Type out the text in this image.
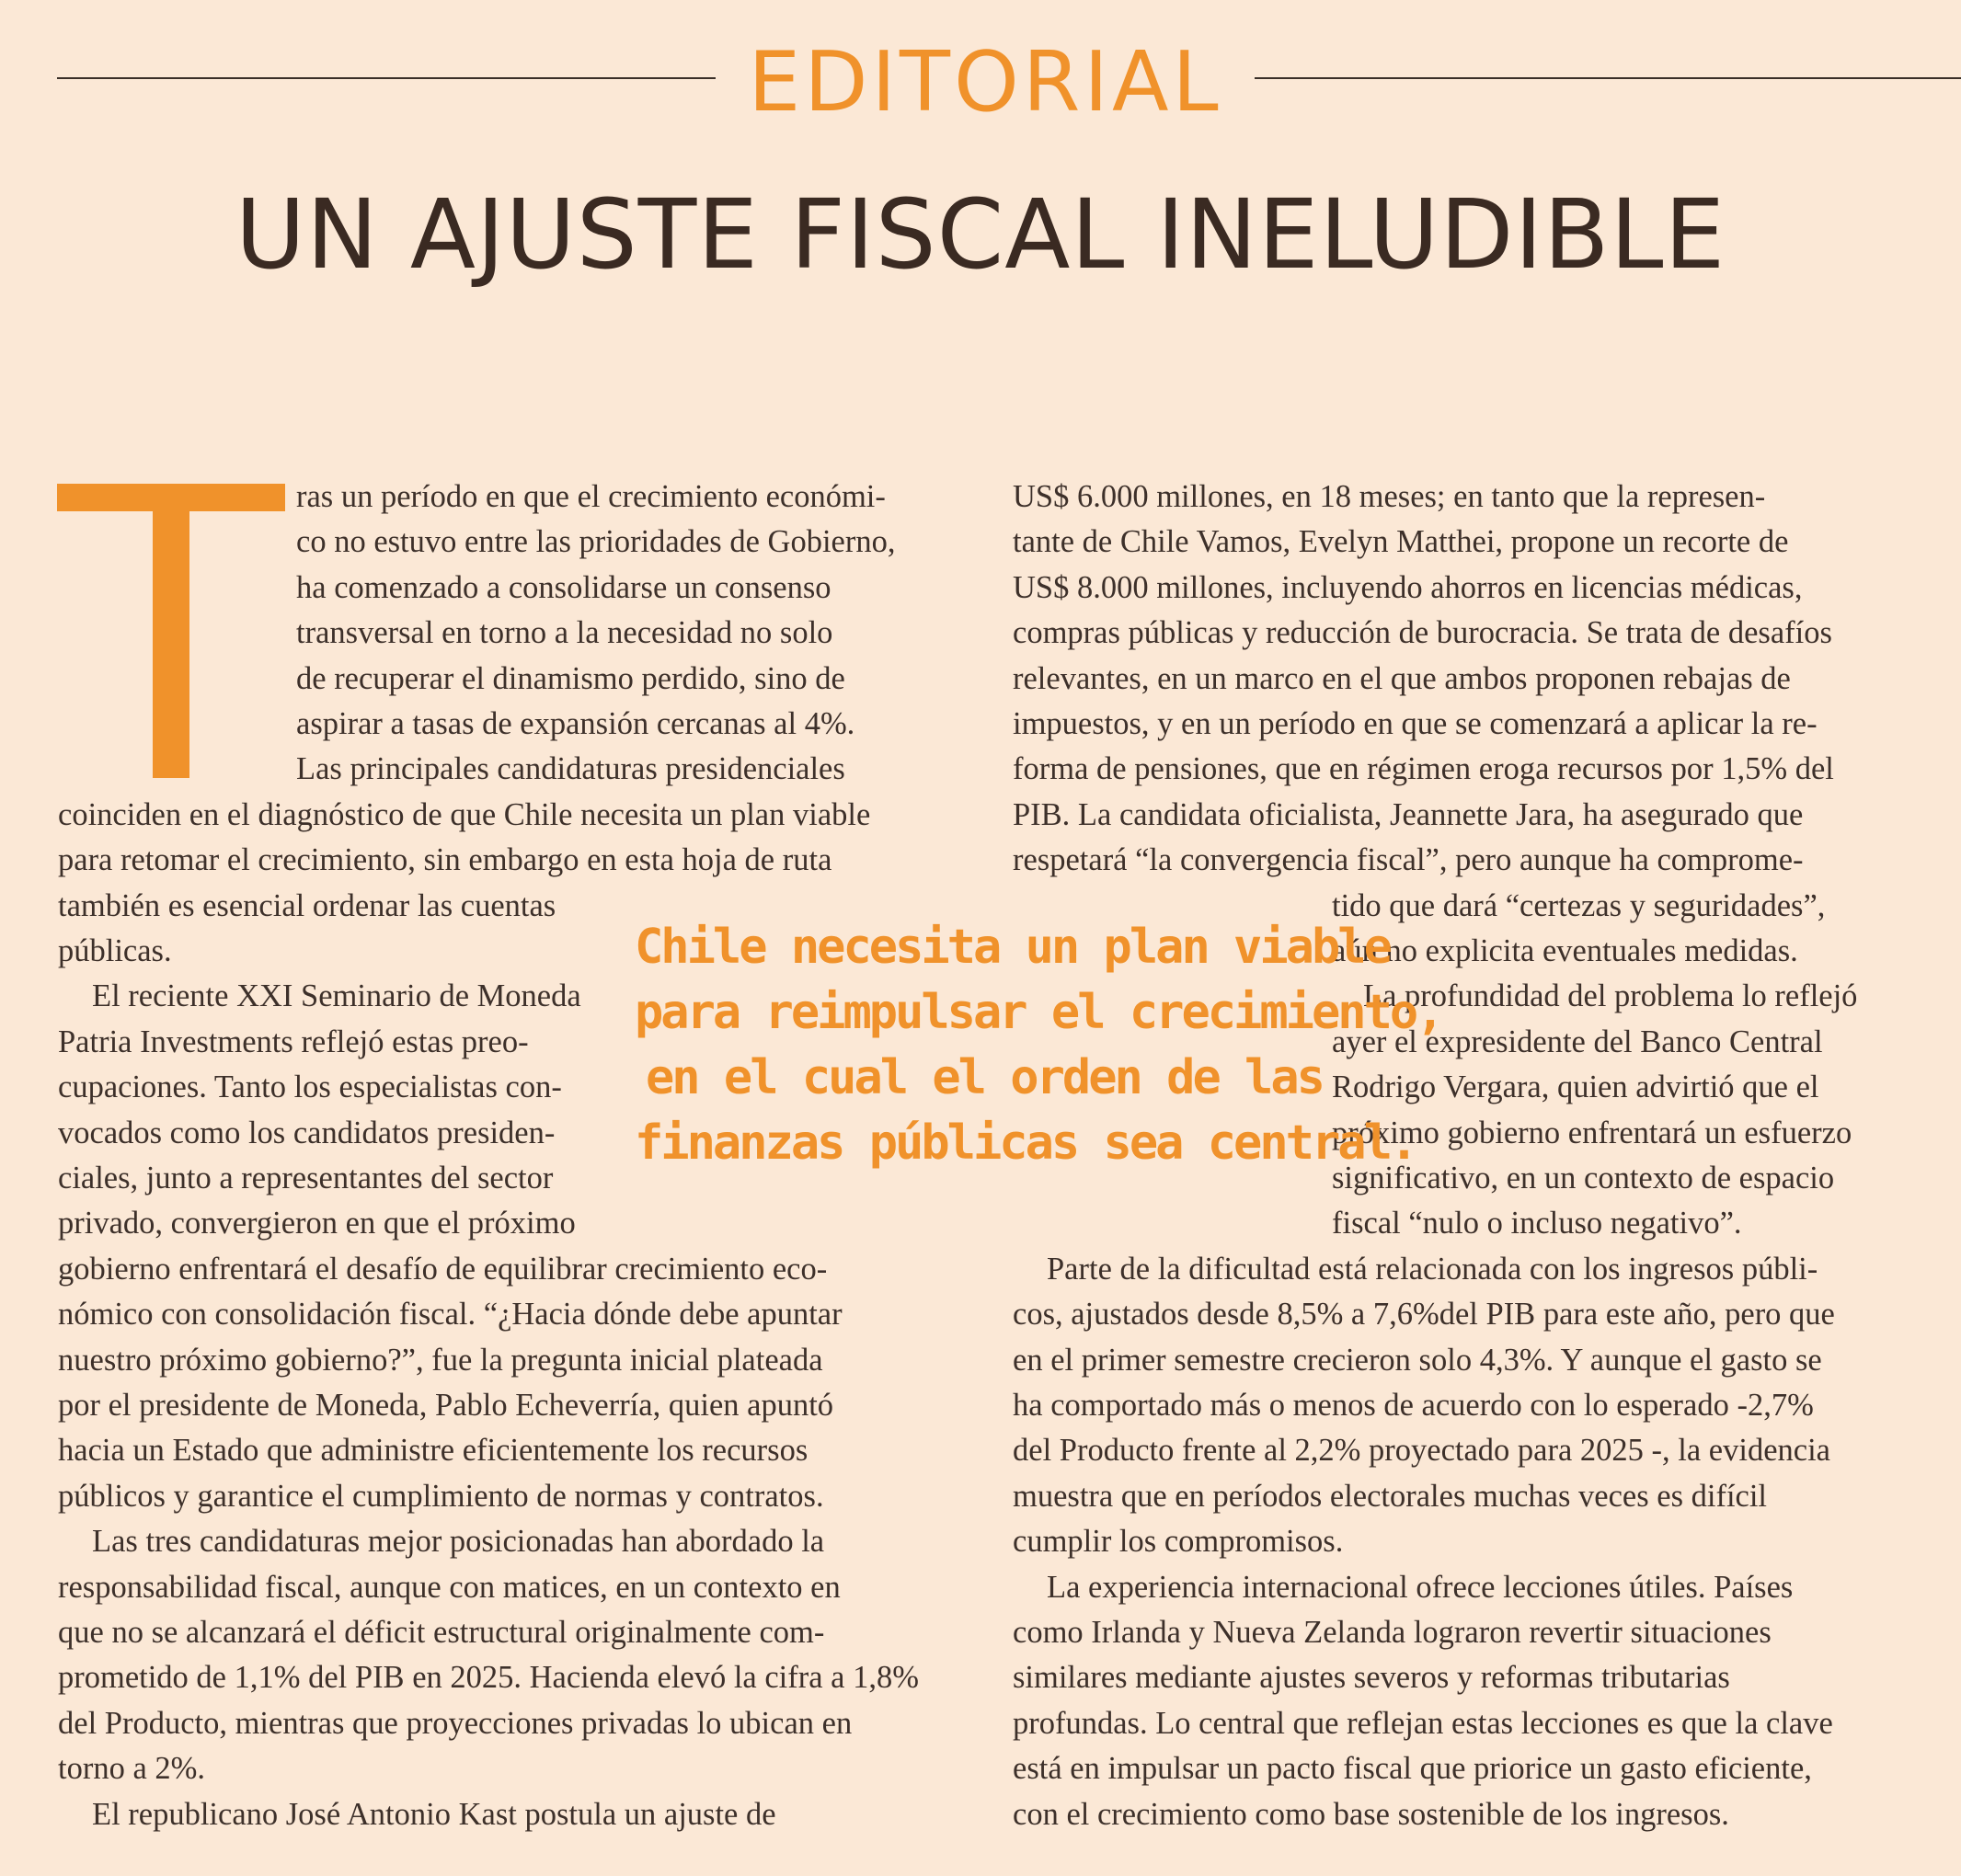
EDITORIAL
UN AJUSTE FISCAL INELUDIBLE
T
ras un período en que el crecimiento económi-
co no estuvo entre las prioridades de Gobierno,
ha comenzado a consolidarse un consenso
transversal en torno a la necesidad no solo
de recuperar el dinamismo perdido, sino de
aspirar a tasas de expansión cercanas al 4%.
Las principales candidaturas presidenciales
coinciden en el diagnóstico de que Chile necesita un plan viable
para retomar el crecimiento, sin embargo en esta hoja de ruta
también es esencial ordenar las cuentas
públicas.
El reciente XXI Seminario de Moneda
Patria Investments reflejó estas preo-
cupaciones. Tanto los especialistas con-
vocados como los candidatos presiden-
ciales, junto a representantes del sector
privado, convergieron en que el próximo
gobierno enfrentará el desafío de equilibrar crecimiento eco-
nómico con consolidación fiscal. “¿Hacia dónde debe apuntar
nuestro próximo gobierno?”, fue la pregunta inicial plateada
por el presidente de Moneda, Pablo Echeverría, quien apuntó
hacia un Estado que administre eficientemente los recursos
públicos y garantice el cumplimiento de normas y contratos.
Las tres candidaturas mejor posicionadas han abordado la
responsabilidad fiscal, aunque con matices, en un contexto en
que no se alcanzará el déficit estructural originalmente com-
prometido de 1,1% del PIB en 2025. Hacienda elevó la cifra a 1,8%
del Producto, mientras que proyecciones privadas lo ubican en
torno a 2%.
El republicano José Antonio Kast postula un ajuste de
US$ 6.000 millones, en 18 meses; en tanto que la represen-
tante de Chile Vamos, Evelyn Matthei, propone un recorte de
US$ 8.000 millones, incluyendo ahorros en licencias médicas,
compras públicas y reducción de burocracia. Se trata de desafíos
relevantes, en un marco en el que ambos proponen rebajas de
impuestos, y en un período en que se comenzará a aplicar la re-
forma de pensiones, que en régimen eroga recursos por 1,5% del
PIB. La candidata oficialista, Jeannette Jara, ha asegurado que
respetará “la convergencia fiscal”, pero aunque ha comprome-
tido que dará “certezas y seguridades”,
aún no explicita eventuales medidas.
La profundidad del problema lo reflejó
ayer el expresidente del Banco Central
Rodrigo Vergara, quien advirtió que el
próximo gobierno enfrentará un esfuerzo
significativo, en un contexto de espacio
fiscal “nulo o incluso negativo”.
Parte de la dificultad está relacionada con los ingresos públi-
cos, ajustados desde 8,5% a 7,6%del PIB para este año, pero que
en el primer semestre crecieron solo 4,3%. Y aunque el gasto se
ha comportado más o menos de acuerdo con lo esperado -2,7%
del Producto frente al 2,2% proyectado para 2025 -, la evidencia
muestra que en períodos electorales muchas veces es difícil
cumplir los compromisos.
La experiencia internacional ofrece lecciones útiles. Países
como Irlanda y Nueva Zelanda lograron revertir situaciones
similares mediante ajustes severos y reformas tributarias
profundas. Lo central que reflejan estas lecciones es que la clave
está en impulsar un pacto fiscal que priorice un gasto eficiente,
con el crecimiento como base sostenible de los ingresos.
Chile necesita un plan viable
para reimpulsar el crecimiento,
en el cual el orden de las
finanzas públicas sea central.
